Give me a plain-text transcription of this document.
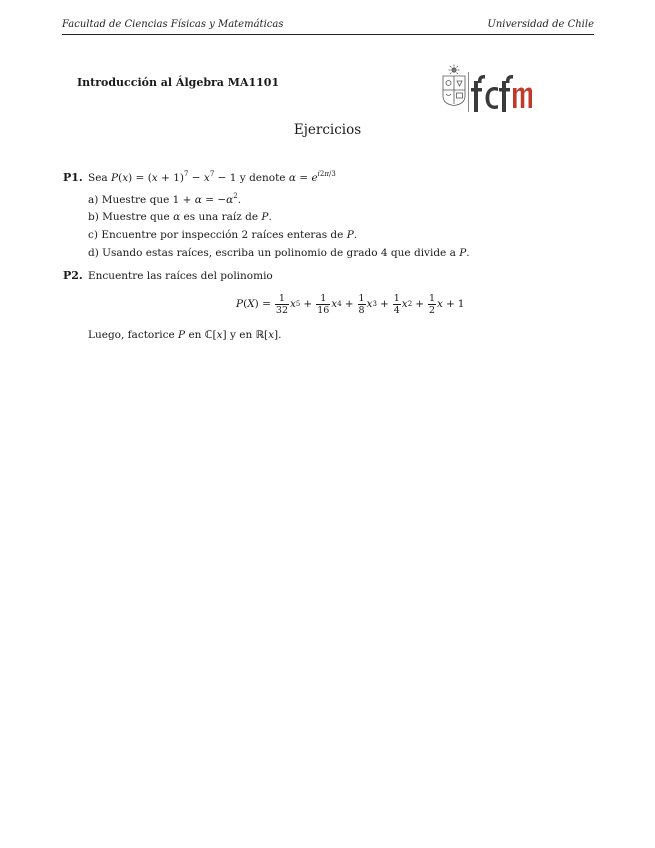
Facultad de Ciencias Físicas y Matemáticas	Universidad de Chile
Introducción al Álgebra MA1101
Ejercicios
P1. Sea $P(x) = (x + 1)^7 - x^7 - 1$ y denote $\alpha = e^{i2\pi/3}$
a) Muestre que $1 + \alpha = -\alpha^2$.
b) Muestre que α es una raíz de P.
c) Encuentre por inspección 2 raíces enteras de P.
d) Usando estas raíces, escriba un polinomio de grado 4 que divide a P.
P2. Encuentre las raíces del polinomio
$P(X) = \frac{1}{32}$ x $5 + \frac{1}{16}$ x $4 + \frac{1}{8}$ x $3 + \frac{1}{4}$ x $2 + \frac{1}{2}$ x + 1
Luego, factorice P en ℂ[x] y en ℝ[x].
